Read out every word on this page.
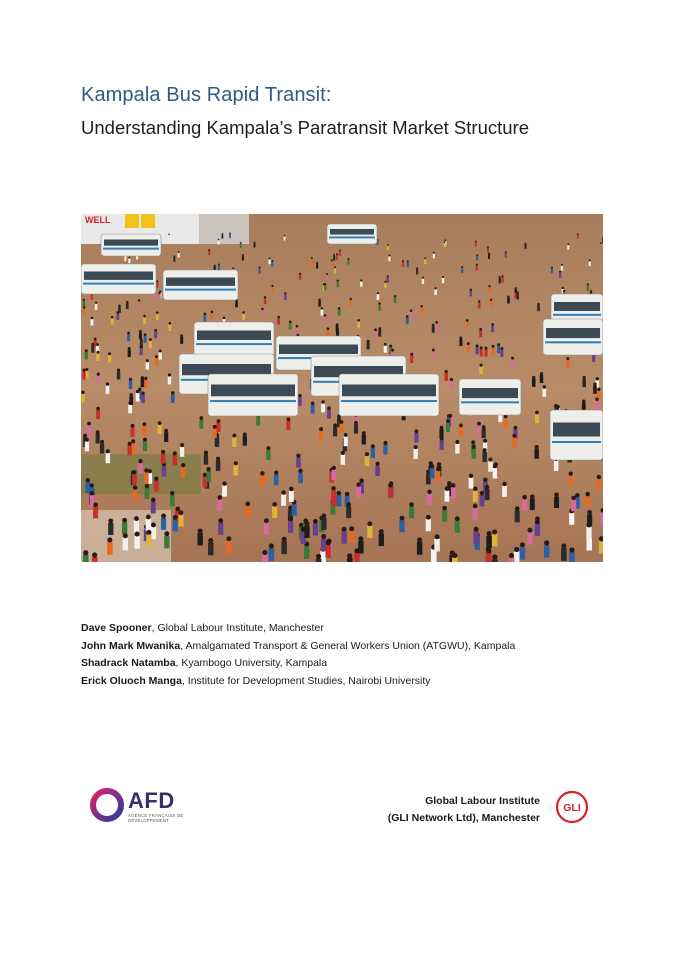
Kampala Bus Rapid Transit:
Understanding Kampala’s Paratransit Market Structure
WELL
Dave Spooner, Global Labour Institute, Manchester
John Mark Mwanika, Amalgamated Transport & General Workers Union (ATGWU), Kampala
Shadrack Natamba, Kyambogo University, Kampala
Erick Oluoch Manga, Institute for Development Studies, Nairobi University
AFD
AGENCE FRANÇAISE DE DÉVELOPPEMENT
Global Labour Institute
(GLI Network Ltd), Manchester
GLI
